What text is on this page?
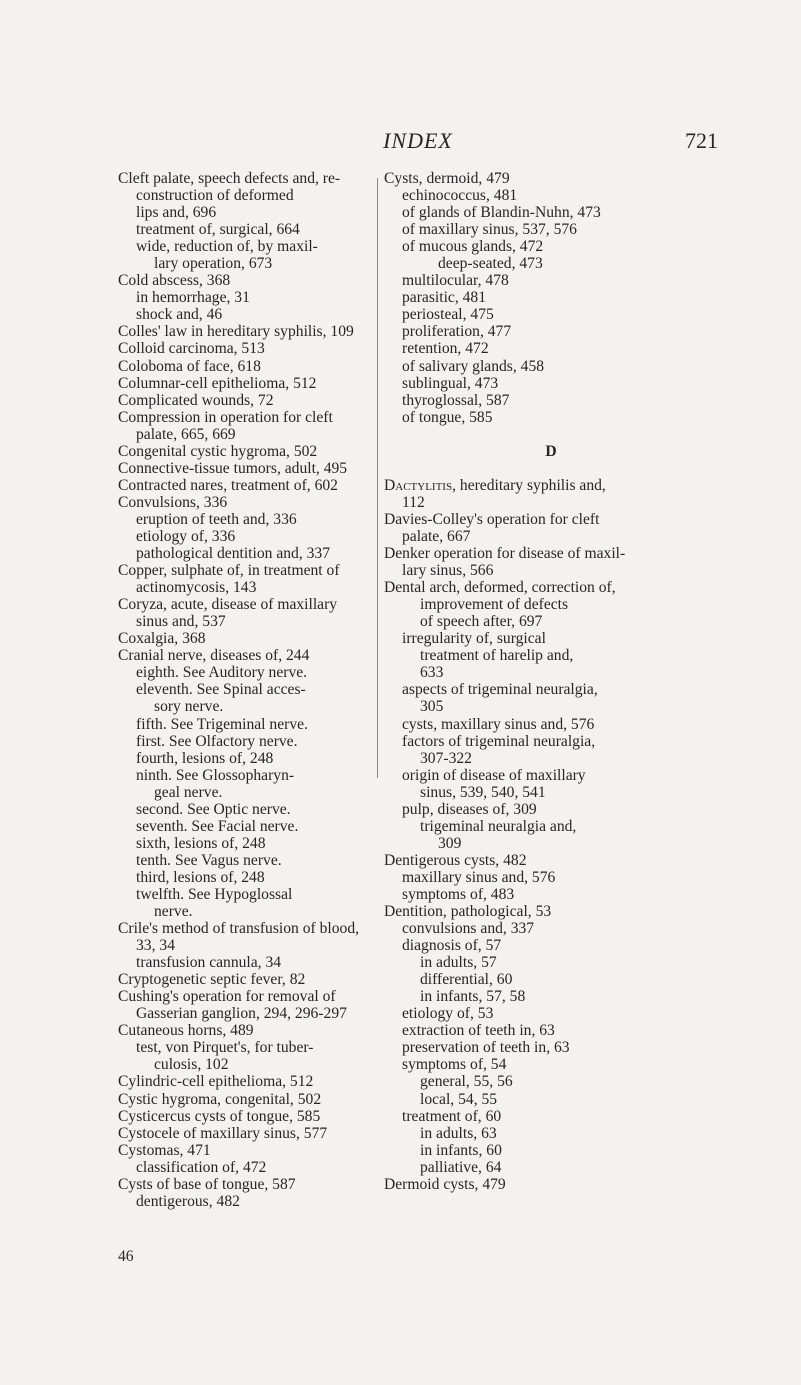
INDEX	721
Cleft palate, speech defects and, re-
construction of deformed
lips and, 696
treatment of, surgical, 664
wide, reduction of, by maxil-
lary operation, 673
Cold abscess, 368
in hemorrhage, 31
shock and, 46
Colles' law in hereditary syphilis, 109
Colloid carcinoma, 513
Coloboma of face, 618
Columnar-cell epithelioma, 512
Complicated wounds, 72
Compression in operation for cleft
palate, 665, 669
Congenital cystic hygroma, 502
Connective-tissue tumors, adult, 495
Contracted nares, treatment of, 602
Convulsions, 336
eruption of teeth and, 336
etiology of, 336
pathological dentition and, 337
Copper, sulphate of, in treatment of
actinomycosis, 143
Coryza, acute, disease of maxillary
sinus and, 537
Coxalgia, 368
Cranial nerve, diseases of, 244
eighth. See Auditory nerve.
eleventh. See Spinal acces-
sory nerve.
fifth. See Trigeminal nerve.
first. See Olfactory nerve.
fourth, lesions of, 248
ninth. See Glossopharyn-
geal nerve.
second. See Optic nerve.
seventh. See Facial nerve.
sixth, lesions of, 248
tenth. See Vagus nerve.
third, lesions of, 248
twelfth. See Hypoglossal
nerve.
Crile's method of transfusion of blood,
33, 34
transfusion cannula, 34
Cryptogenetic septic fever, 82
Cushing's operation for removal of
Gasserian ganglion, 294, 296-297
Cutaneous horns, 489
test, von Pirquet's, for tuber-
culosis, 102
Cylindric-cell epithelioma, 512
Cystic hygroma, congenital, 502
Cysticercus cysts of tongue, 585
Cystocele of maxillary sinus, 577
Cystomas, 471
classification of, 472
Cysts of base of tongue, 587
dentigerous, 482
Cysts, dermoid, 479
echinococcus, 481
of glands of Blandin-Nuhn, 473
of maxillary sinus, 537, 576
of mucous glands, 472
deep-seated, 473
multilocular, 478
parasitic, 481
periosteal, 475
proliferation, 477
retention, 472
of salivary glands, 458
sublingual, 473
thyroglossal, 587
of tongue, 585
D
Dactylitis, hereditary syphilis and,
112
Davies-Colley's operation for cleft
palate, 667
Denker operation for disease of maxil-
lary sinus, 566
Dental arch, deformed, correction of,
improvement of defects
of speech after, 697
irregularity of, surgical
treatment of harelip and,
633
aspects of trigeminal neuralgia,
305
cysts, maxillary sinus and, 576
factors of trigeminal neuralgia,
307-322
origin of disease of maxillary
sinus, 539, 540, 541
pulp, diseases of, 309
trigeminal neuralgia and,
309
Dentigerous cysts, 482
maxillary sinus and, 576
symptoms of, 483
Dentition, pathological, 53
convulsions and, 337
diagnosis of, 57
in adults, 57
differential, 60
in infants, 57, 58
etiology of, 53
extraction of teeth in, 63
preservation of teeth in, 63
symptoms of, 54
general, 55, 56
local, 54, 55
treatment of, 60
in adults, 63
in infants, 60
palliative, 64
Dermoid cysts, 479
46
